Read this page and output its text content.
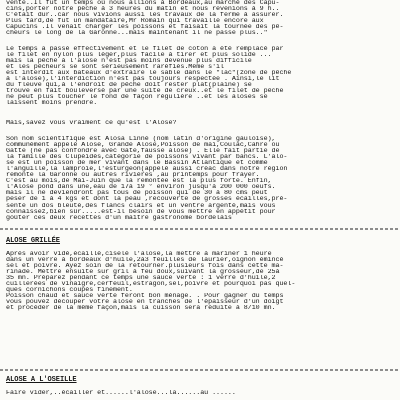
vente..Il fut un temps où nous allions à Bordeaux,au marché des Capu-
cins,porter notre pêche à 3 heures du matin et nous revenions à 9 h..
C'était dur..car nous vivions aussi les travaux de la ferme à assurer.
Plus tard,de fut un mandataire,Mr Romain qui travaille encore aux
Capucins .Il venait charger les poissons et faisait la tournée des pê-
cheurs le long de la Garonne...mais maintenant il ne passe plus.."
Le temps a passé effectivement et le filet de coton a été remplacé par
le filet en nylon plus léger,plus facile à tirer et plus solide ...
mais la pêche à l'alose n'est pas moins devenue plus difficile
et les pêcheurs se sont sérieusement raréfiés.Même s'il
est interdit aux bateaux d'extraire le sable dans le "lac"(zone de pêche
à l'alose),l'interdiction n'est pas toujours respectée . Ainsi,le lit
du fleuve qui,à l'endroit de pêche doit rester plat(plaine) se
trouve en fait bouleversé par une suite de creux..et le filet de pêche
ne peut plus toucher le fond de façon régulière ..et les aloses se
laissent moins prendre.
Mais,savez vous vraiment ce qu'est l'Alose?
Son nom scientifique est Alosa Linné (nom latin d'origine gauloise),
communément appelé Alose, Grande Alose,Poisson de mai,Coulac,Cahre ou
Gatte (ne pas confondre avec Gate,fausse alose) . Elle fait partie de
la famille des Clupéidés,catégorie de poissons vivant par bancs. L'alo-
se est un poisson de mer vivant dans le Bassin Atlantique et comme
l'anguille,la lamproie,l'esturgeon(appelé aussi créac dans notre région
remonte la Garonne ou autres rivières ,au printemps pour frayer.
C'est au mois,de Mai-Juin que la remontée est la plus forte. Enfin,
l'Alose pond dans une,eau de 17à 19 ° environ jusqu'à 200 000 oeufs.
mais il ne deviendront pas tous de poisson qui de 30 à 80 cms peut
peser de 1 à 4 kgs et dont la peau ,recouverte de grosses écailles,pré-
sente un dos bleuté,des flancs clairs et un ventre argenté,mais vous
connaissez,bien sûr.....est-il besoin de vous mettre en appétit pour
goûter ces deux recettes d'un maître gastronome bordelais
ALOSE GRILLÉE
Après avoir vidé,écaillé,ciselé l'alose,la mettre à mariner 1 heure
dans un verre à bordeaux d'huile,2à3 feuilles de laurier,oignon émincé
sel et poivre. Ayez soin de la retourner.plusieurs fois dans cette ma-
rinade. Mettre ensuite sur gril à feu doux,suivant la grosseur,de 25à
35 mn. Préparez pendant ce temps une sauce verte : 1 verre d'huile,2
cuillerées de vinaigre,cerfeuil,estragon,sel,poivre et pourquoi pas quel-
ques cornichons coupés finement.
Poisson chaud et sauce verte feront bon ménage. . Pour gagner du temps
vous pouvez découper votre alose en tranches de l'épaisseur d'un doigt
et procéder de la même façon,mais la cuisson sera réduite à 8/10 mn.
ALOSE A L'OSEILLE
Faire vider,..écailler et......l'alose...la......au ......
